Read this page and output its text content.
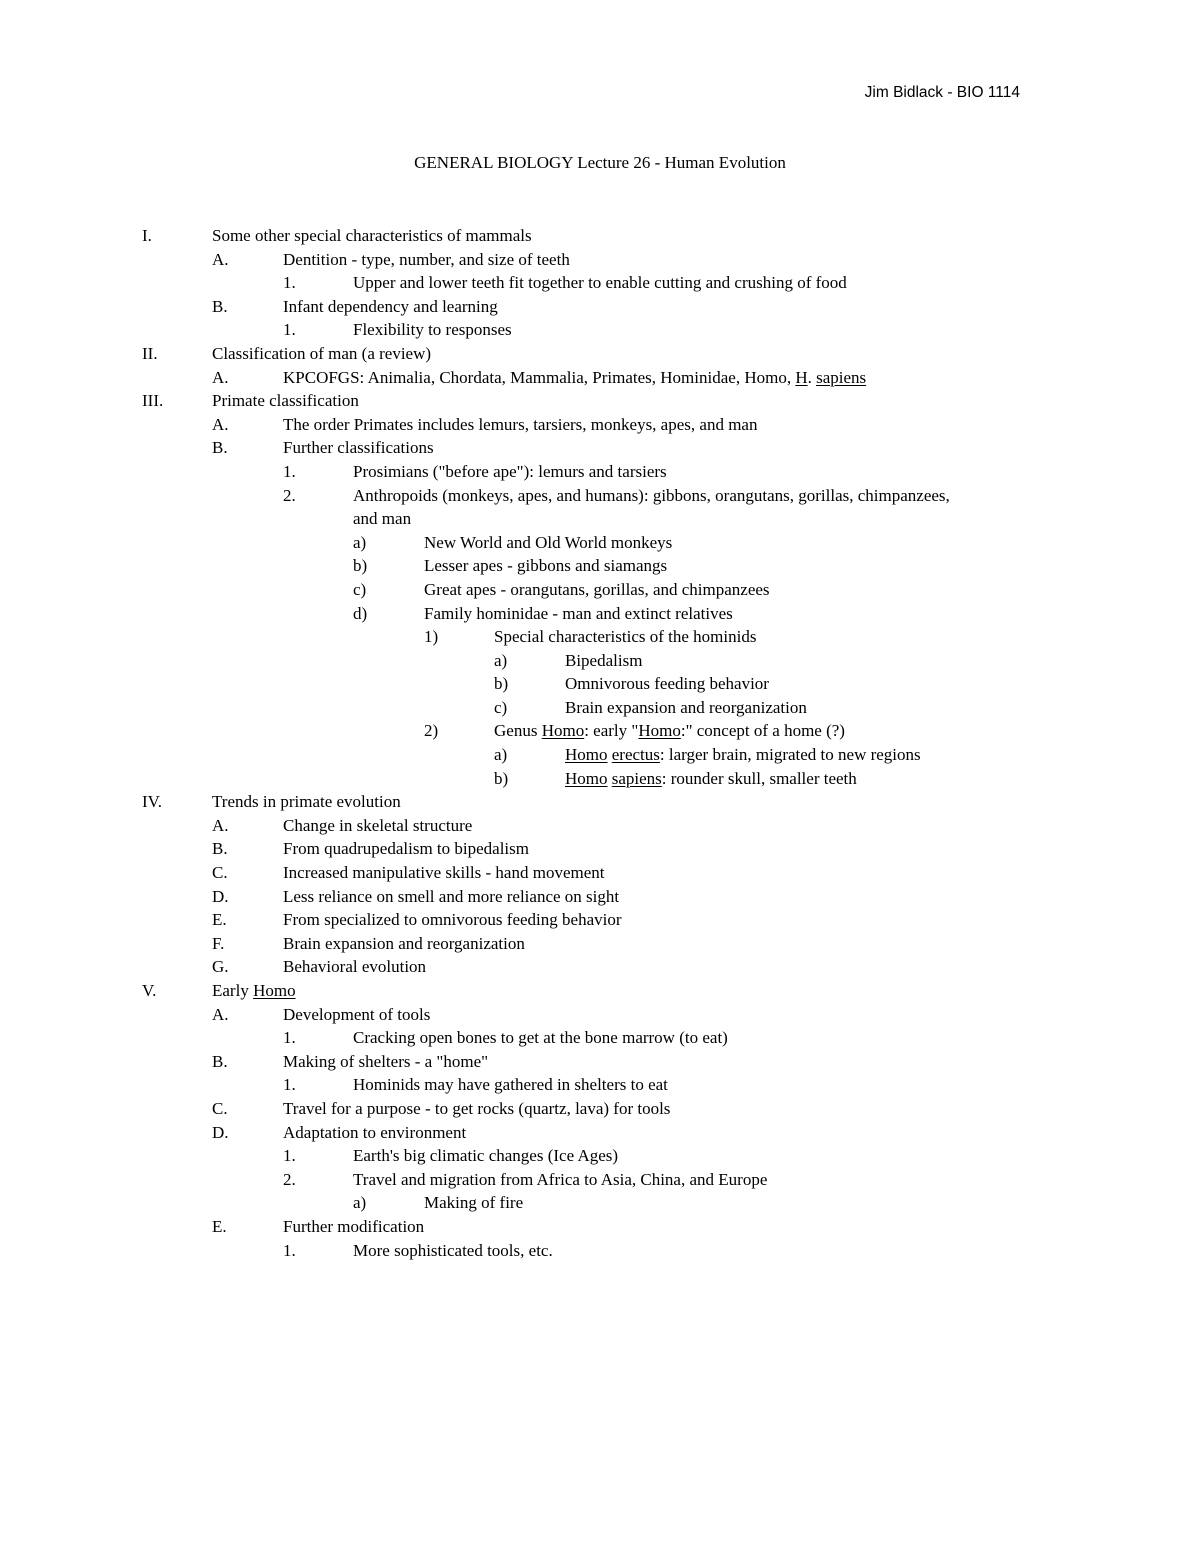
Jim Bidlack - BIO 1114
GENERAL BIOLOGY Lecture 26 - Human Evolution
I.	Some other special characteristics of mammals
A.	Dentition - type, number, and size of teeth
1.	Upper and lower teeth fit together to enable cutting and crushing of food
B.	Infant dependency and learning
1.	Flexibility to responses
II.	Classification of man (a review)
A.	KPCOFGS: Animalia, Chordata, Mammalia, Primates, Hominidae, Homo, H. sapiens
III.	Primate classification
A.	The order Primates includes lemurs, tarsiers, monkeys, apes, and man
B.	Further classifications
1.	Prosimians ("before ape"): lemurs and tarsiers
2.	Anthropoids (monkeys, apes, and humans): gibbons, orangutans, gorillas, chimpanzees,
and man
a)	New World and Old World monkeys
b)	Lesser apes - gibbons and siamangs
c)	Great apes - orangutans, gorillas, and chimpanzees
d)	Family hominidae - man and extinct relatives
1)	Special characteristics of the hominids
a)	Bipedalism
b)	Omnivorous feeding behavior
c)	Brain expansion and reorganization
2)	Genus Homo: early "Homo:" concept of a home (?)
a)	Homo erectus: larger brain, migrated to new regions
b)	Homo sapiens: rounder skull, smaller teeth
IV.	Trends in primate evolution
A.	Change in skeletal structure
B.	From quadrupedalism to bipedalism
C.	Increased manipulative skills - hand movement
D.	Less reliance on smell and more reliance on sight
E.	From specialized to omnivorous feeding behavior
F.	Brain expansion and reorganization
G.	Behavioral evolution
V.	Early Homo
A.	Development of tools
1.	Cracking open bones to get at the bone marrow (to eat)
B.	Making of shelters - a "home"
1.	Hominids may have gathered in shelters to eat
C.	Travel for a purpose - to get rocks (quartz, lava) for tools
D.	Adaptation to environment
1.	Earth's big climatic changes (Ice Ages)
2.	Travel and migration from Africa to Asia, China, and Europe
a)	Making of fire
E.	Further modification
1.	More sophisticated tools, etc.
